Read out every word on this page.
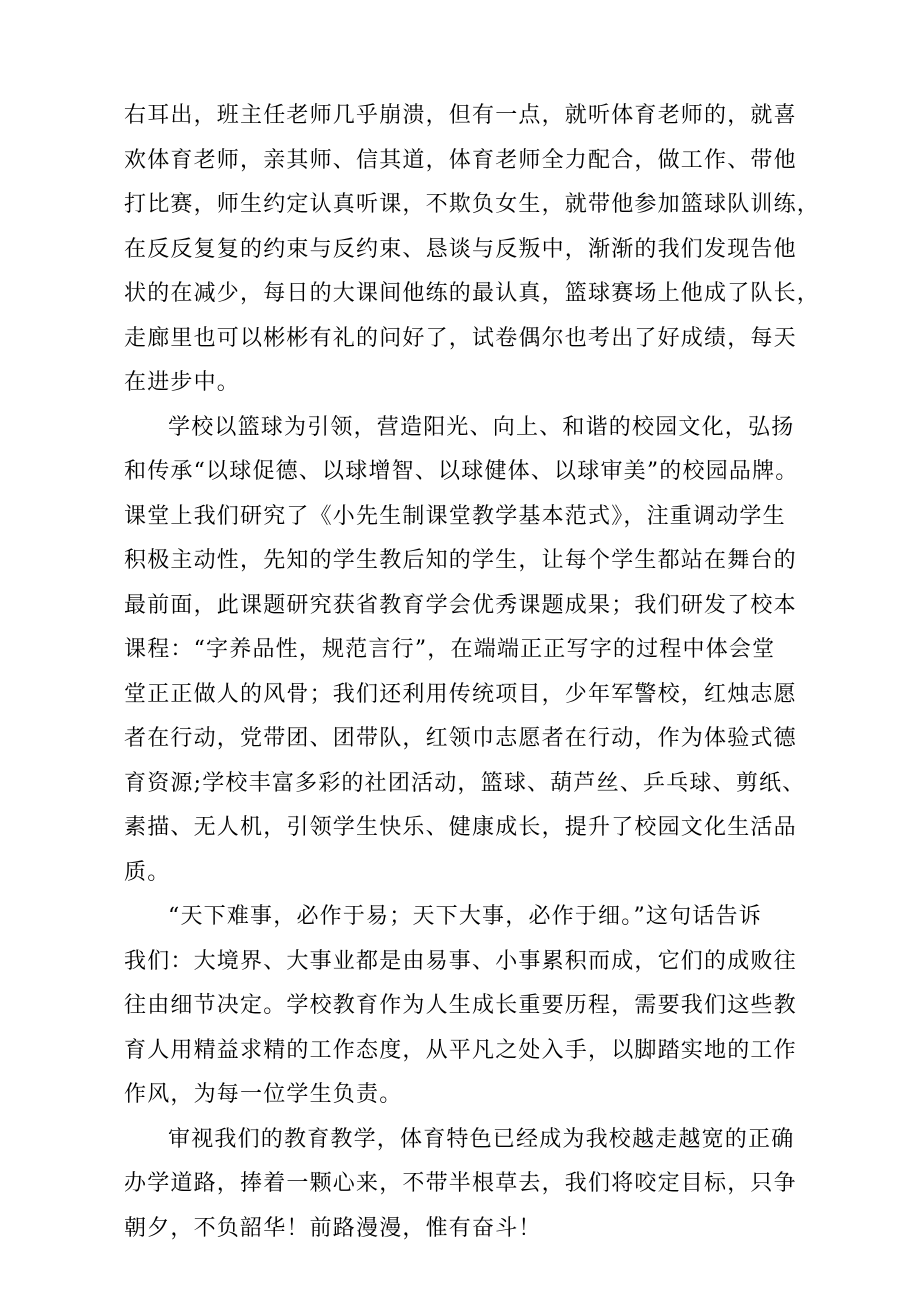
右耳出，班主任老师几乎崩溃，但有一点，就听体育老师的，就喜
欢体育老师，亲其师、信其道，体育老师全力配合，做工作、带他
打比赛，师生约定认真听课，不欺负女生，就带他参加篮球队训练，
在反反复复的约束与反约束、恳谈与反叛中，渐渐的我们发现告他
状的在减少，每日的大课间他练的最认真，篮球赛场上他成了队长，
走廊里也可以彬彬有礼的问好了，试卷偶尔也考出了好成绩，每天
在进步中。
学校以篮球为引领，营造阳光、向上、和谐的校园文化，弘扬
和传承“以球促德、以球增智、以球健体、以球审美”的校园品牌。
课堂上我们研究了《小先生制课堂教学基本范式》，注重调动学生
积极主动性，先知的学生教后知的学生，让每个学生都站在舞台的
最前面，此课题研究获省教育学会优秀课题成果；我们研发了校本
课程：“字养品性，规范言行”，在端端正正写字的过程中体会堂
堂正正做人的风骨；我们还利用传统项目，少年军警校，红烛志愿
者在行动，党带团、团带队，红领巾志愿者在行动，作为体验式德
育资源;学校丰富多彩的社团活动，篮球、葫芦丝、乒乓球、剪纸、
素描、无人机，引领学生快乐、健康成长，提升了校园文化生活品
质。
“天下难事，必作于易；天下大事，必作于细。”这句话告诉
我们：大境界、大事业都是由易事、小事累积而成，它们的成败往
往由细节决定。学校教育作为人生成长重要历程，需要我们这些教
育人用精益求精的工作态度，从平凡之处入手，以脚踏实地的工作
作风，为每一位学生负责。
审视我们的教育教学，体育特色已经成为我校越走越宽的正确
办学道路，捧着一颗心来，不带半根草去，我们将咬定目标，只争
朝夕，不负韶华！前路漫漫，惟有奋斗！
